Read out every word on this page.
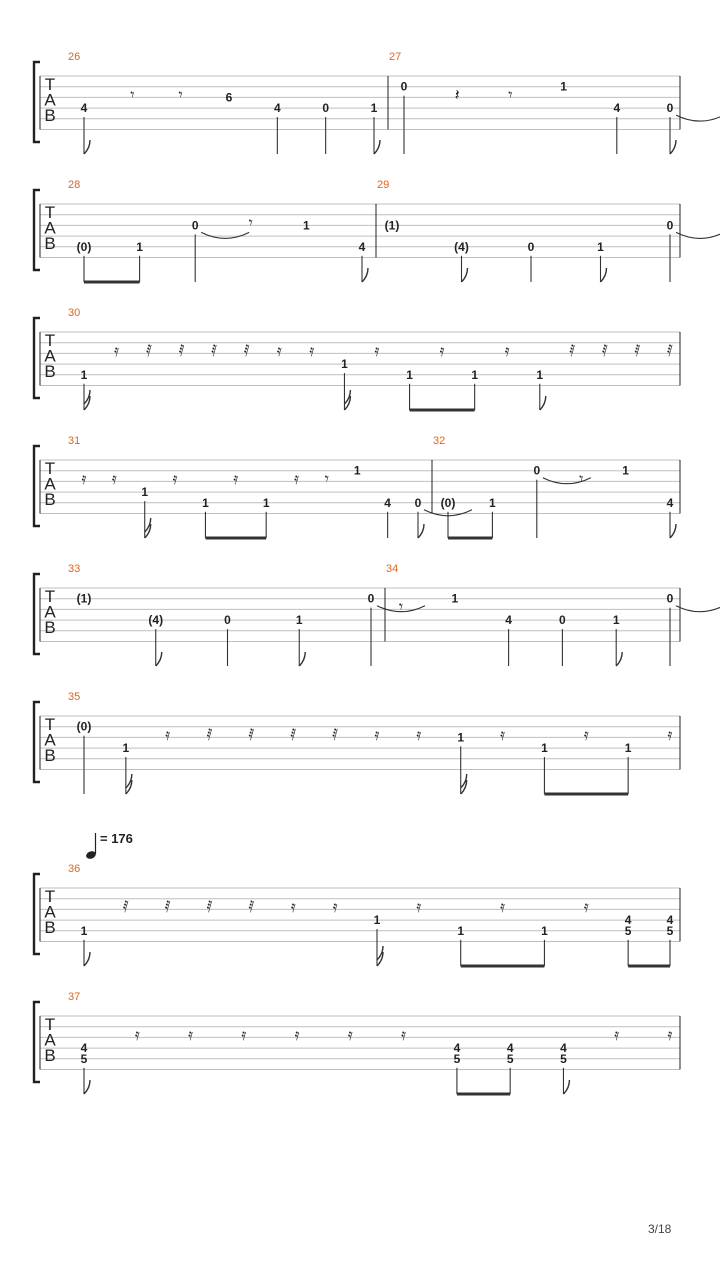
T
A
B
26
4
𝄾	𝄾	6
4	0	1
27
0	𝄽	𝄾	1
4	0
T
A
B
28
(0)	1
0	𝄾	1
4
29
(1)
(4)	0	1
0
T
A
B
30
1
𝄿 𝅀 𝅀 𝅀 𝅀 𝄿 𝄿
1
𝄿
1
𝄿
1
𝄿
1
𝅀 𝅀 𝅀 𝅀
T
A
B
31
𝄿 𝄿
1
𝄿
1
𝄿
1
𝄿 𝄾 1
4 0
32
(0)	1
0 𝄾	1
4
T
A
B
33
(1)
(4)	0	1
0
34
𝄾	1
4	0	1
0
T
A
B
35
(0)
1
𝄿 𝅀 𝅀 𝅀 𝅀 𝄿 𝄿	1 𝄿
1
𝄿
1
𝄿
T
A
B
= 176
36
1
𝅀 𝅀 𝅀 𝅀 𝄿 𝄿
1
𝄿
1
𝄿
1
𝄿
4
5
4
5
T
A
B
37
4
5
𝄿	𝄿	𝄿	𝄿	𝄿	𝄿
4
5
4
5
4
5
𝄿	𝄿
3/18
